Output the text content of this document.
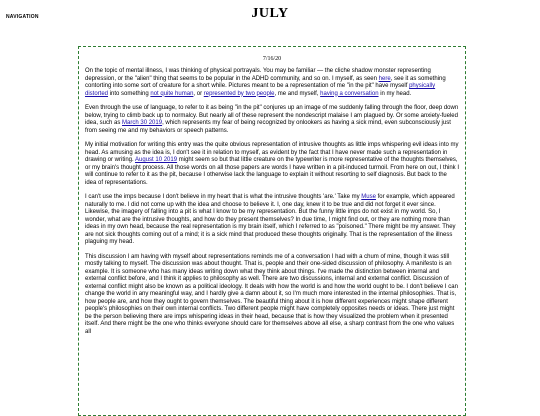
NAVIGATION	JULY
7/16/20

On the topic of mental illness, I was thinking of physical portrayals. You may be familiar — the cliche shadow monster representing depression, or the "alien" thing that seems to be popular in the ADHD community, and so on. I myself, as seen here, see it as something contorting into some sort of creature for a short while. Pictures meant to be a representation of me "in the pit" have myself physically distorted into something not quite human, or represented by two people, me and myself, having a conversation in my head.

Even through the use of language, to refer to it as being "in the pit" conjures up an image of me suddenly falling through the floor, deep down below, trying to climb back up to normalcy. But nearly all of these represent the nondescript malaise I am plagued by. Or some anxiety-fueled idea, such as March 30 2019, which represents my fear of being recognized by onlookers as having a sick mind, even subconsciously just from seeing me and my behaviors or speech patterns.

My initial motivation for writing this entry was the quite obvious representation of intrusive thoughts as little imps whispering evil ideas into my head. As amusing as the idea is, I don't see it in relation to myself, as evident by the fact that I have never made such a representation in drawing or writing. August 10 2019 might seem so but that little creature on the typewriter is more representative of the thoughts themselves, or my brain's thought process. All those words on all those papers are words I have written in a pit-induced turmoil. From here on out, I think I will continue to refer to it as the pit, because I otherwise lack the language to explain it without resorting to self diagnosis. But back to the idea of representations.

I can't use the imps because I don't believe in my heart that is what the intrusive thoughts 'are.' Take my Muse for example, which appeared naturally to me. I did not come up with the idea and choose to believe it. I, one day, knew it to be true and did not forget it ever since. Likewise, the imagery of falling into a pit is what I know to be my representation. But the funny little imps do not exist in my world. So, I wonder, what are the intrusive thoughts, and how do they present themselves? In due time, I might find out, or they are nothing more than ideas in my own head, because the real representation is my brain itself, which I referred to as "poisoned." There might be my answer. They are not sick thoughts coming out of a mind; it is a sick mind that produced these thoughts originally. That is the representation of the illness plaguing my head.

This discussion I am having with myself about representations reminds me of a conversation I had with a chum of mine, though it was still mostly talking to myself. The discussion was about thought. That is, people and their one-sided discussion of philosophy. A manifesto is an example. It is someone who has many ideas writing down what they think about things. I've made the distinction between internal and external conflict before, and I think it applies to philosophy as well. There are two discussions, internal and external conflict. Discussion of external conflict might also be known as a political ideology. It deals with how the world is and how the world ought to be. I don't believe I can change the world in any meaningful way, and I hardly give a damn about it, so I'm much more interested in the internal philosophies. That is, how people are, and how they ought to govern themselves. The beautiful thing about it is how different experiences might shape different people's philosophies on their own internal conflicts. Two different people might have completely opposites needs or ideas. There just might be the person believing there are imps whispering ideas in their head, because that is how they visualized the problem when it presented itself. And there might be the one who thinks everyone should care for themselves above all else, a sharp contrast from the one who values all
